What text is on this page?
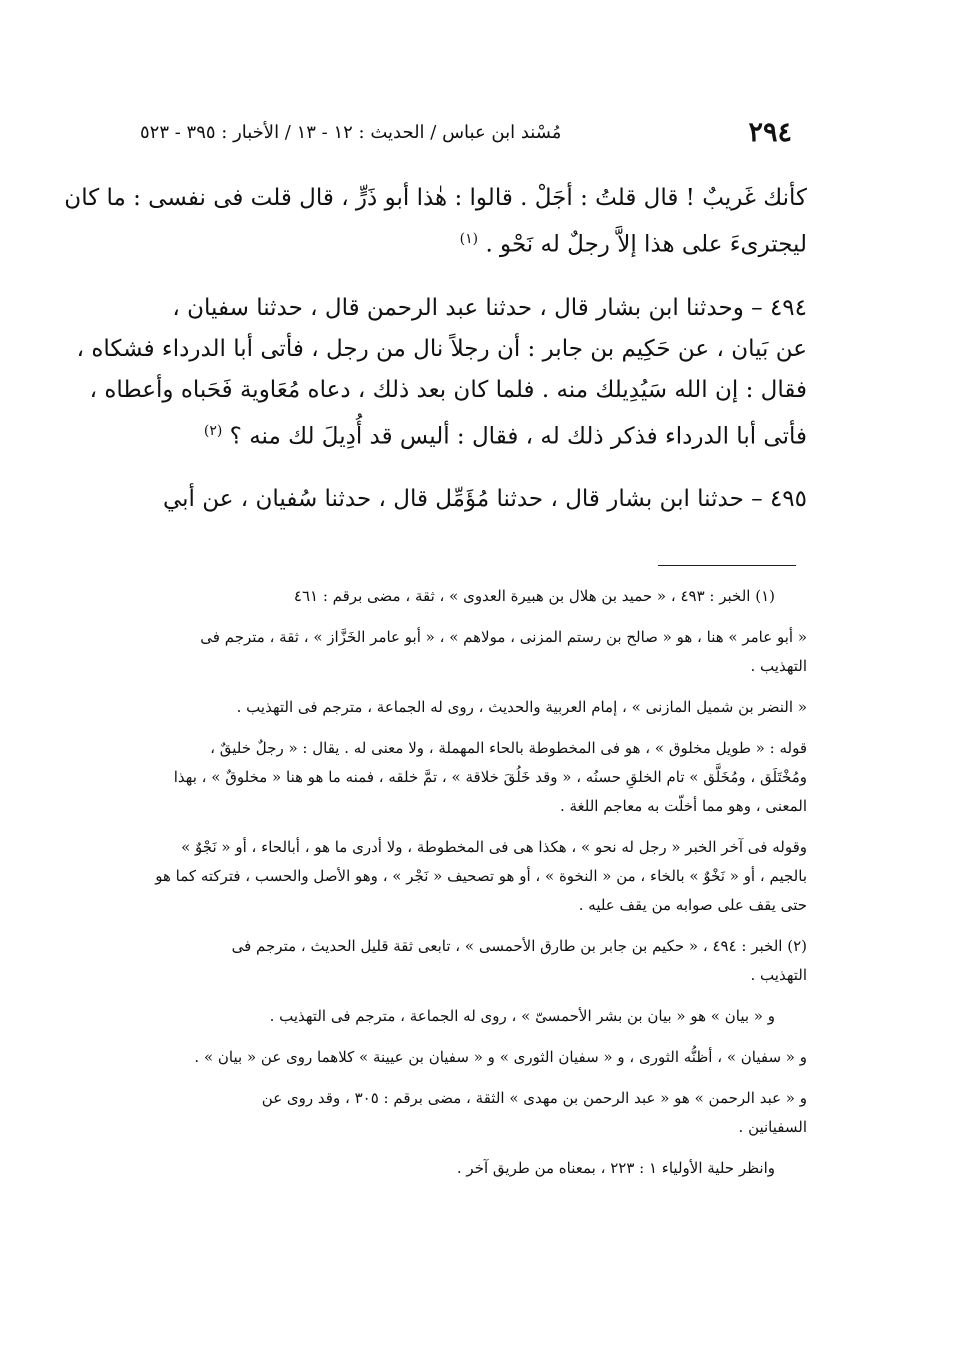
مُسْند ابن عباس / الحديث : ١٢ - ١٣ / الأخبار : ٣٩٥ - ٥٢٣	٢٩٤

كأنك غَريبٌ ! قال قلتُ : أجَلْ . قالوا : هٰذا أبو ذَرٍّ ، قال قلت فى نفسى : ما كان

ليجترىءَ على هذا إلاَّ رجلٌ له نَحْو . $^{(١)}$

٤٩٤ – وحدثنا ابن بشار قال ، حدثنا عبد الرحمن قال ، حدثنا سفيان ،

عن بَيان ، عن حَكِيم بن جابر : أن رجلاً نال من رجل ، فأتى أبا الدرداء فشكاه ،

فقال : إن الله سَيُدِيلك منه . فلما كان بعد ذلك ، دعاه مُعَاوية فَحَباه وأعطاه ،

فأتى أبا الدرداء فذكر ذلك له ، فقال : أليس قد أُدِيلَ لك منه ؟ $^{(٢)}$

٤٩٥ – حدثنا ابن بشار قال ، حدثنا مُؤَمِّل قال ، حدثنا سُفيان ، عن أبي

(١) الخبر : ٤٩٣ ، « حميد بن هلال بن هبيرة العدوى » ، ثقة ، مضى برقم : ٤٦١

« أبو عامر » هنا ، هو « صالح بن رستم المزنى ، مولاهم » ، « أبو عامر الخَزَّاز » ، ثقة ، مترجم فى

التهذيب .

« النضر بن شميل المازنى » ، إمام العربية والحديث ، روى له الجماعة ، مترجم فى التهذيب .

قوله : « طويل مخلوق » ، هو فى المخطوطة بالحاء المهملة ، ولا معنى له . يقال : « رجلٌ خليقٌ ،

ومُخْتَلَق ، ومُخَلَّق » تام الخلقِ حسنُه ، « وقد خَلُقَ خلاقة » ، تمَّ خلقه ، فمنه ما هو هنا « مخلوقٌ » ، بهذا

المعنى ، وهو مما أخلّت به معاجم اللغة .

وقوله فى آخر الخبر « رجل له نحو » ، هكذا هى فى المخطوطة ، ولا أدرى ما هو ، أبالحاء ، أو « نَجْوٌ »

بالجيم ، أو « نَخْوٌ » بالخاء ، من « النخوة » ، أو هو تصحيف « نَجْر » ، وهو الأصل والحسب ، فتركته كما هو

حتى يقف على صوابه من يقف عليه .

(٢) الخبر : ٤٩٤ ، « حكيم بن جابر بن طارق الأحمسى » ، تابعى ثقة قليل الحديث ، مترجم فى

التهذيب .

و « بيان » هو « بيان بن بشر الأحمسىّ » ، روى له الجماعة ، مترجم فى التهذيب .

و « سفيان » ، أظنُّه الثورى ، و « سفيان الثورى » و « سفيان بن عيينة » كلاهما روى عن « بيان » .

و « عبد الرحمن » هو « عبد الرحمن بن مهدى » الثقة ، مضى برقم : ٣٠٥ ، وقد روى عن

السفيانين .

وانظر حلية الأولياء ١ : ٢٢٣ ، بمعناه من طريق آخر .
